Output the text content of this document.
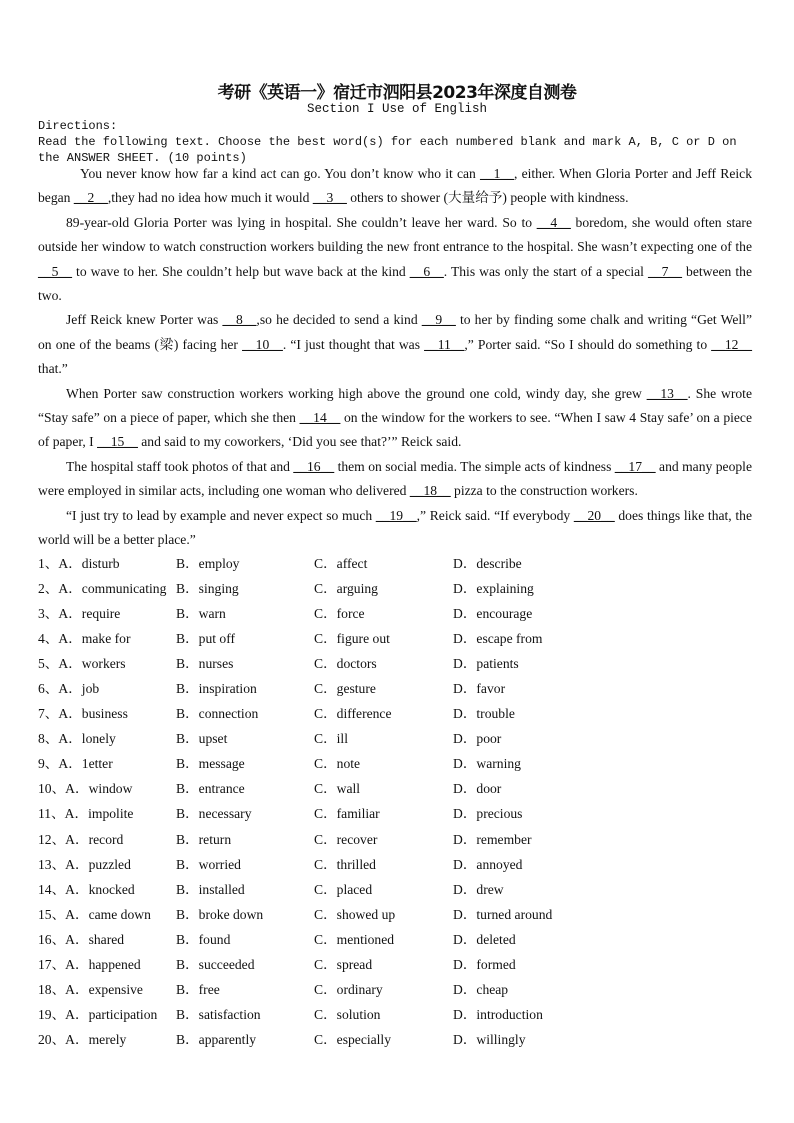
考研《英语一》宿迁市泗阳县2023年深度自测卷
Section I Use of English
Directions:
Read the following text. Choose the best word(s) for each numbered blank and mark A, B, C or D on the ANSWER SHEET. (10 points)

You never know how far a kind act can go. You don’t know who it can __1__, either. When Gloria Porter and Jeff Reick began __2__,they had no idea how much it would __3__ others to shower (大量给予) people with kindness.

89-year-old Gloria Porter was lying in hospital. She couldn’t leave her ward. So to __4__ boredom, she would often stare outside her window to watch construction workers building the new front entrance to the hospital. She wasn’t expecting one of the __5__ to wave to her. She couldn’t help but wave back at the kind __6__. This was only the start of a special __7__ between the two.

Jeff Reick knew Porter was __8__,so he decided to send a kind __9__ to her by finding some chalk and writing “Get Well” on one of the beams (梁) facing her __10__. “I just thought that was __11__,” Porter said. “So I should do something to __12__ that.”

When Porter saw construction workers working high above the ground one cold, windy day, she grew __13__. She wrote “Stay safe” on a piece of paper, which she then __14__ on the window for the workers to see. “When I saw 4 Stay safe’ on a piece of paper, I __15__ and said to my coworkers, ‘Did you see that?’” Reick said.

The hospital staff took photos of that and __16__ them on social media. The simple acts of kindness __17__ and many people were employed in similar acts, including one woman who delivered __18__ pizza to the construction workers.

“I just try to lead by example and never expect so much __19__,” Reick said. “If everybody __20__ does things like that, the world will be a better place.”

1、A．disturb	B．employ	C．affect	D．describe
2、A．communicating B．singing	C．arguing	D．explaining
3、A．require	B．warn	C．force	D．encourage
4、A．make for	B．put off	C．figure out	D．escape from
5、A．workers	B．nurses	C．doctors	D．patients
6、A．job	B．inspiration	C．gesture	D．favor
7、A．business	B．connection	C．difference	D．trouble
8、A．lonely	B．upset	C．ill	D．poor
9、A．1etter	B．message	C．note	D．warning
10、A．window	B．entrance	C．wall	D．door
11、A．impolite	B．necessary	C．familiar	D．precious
12、A．record	B．return	C．recover	D．remember
13、A．puzzled	B．worried	C．thrilled	D．annoyed
14、A．knocked	B．installed	C．placed	D．drew
15、A．came down B．broke down	C．showed up	D．turned around
16、A．shared	B．found	C．mentioned	D．deleted
17、A．happened	B．succeeded	C．spread	D．formed
18、A．expensive B．free	C．ordinary	D．cheap
19、A．participation B．satisfaction	C．solution	D．introduction
20、A．merely	B．apparently	C．especially	D．willingly
